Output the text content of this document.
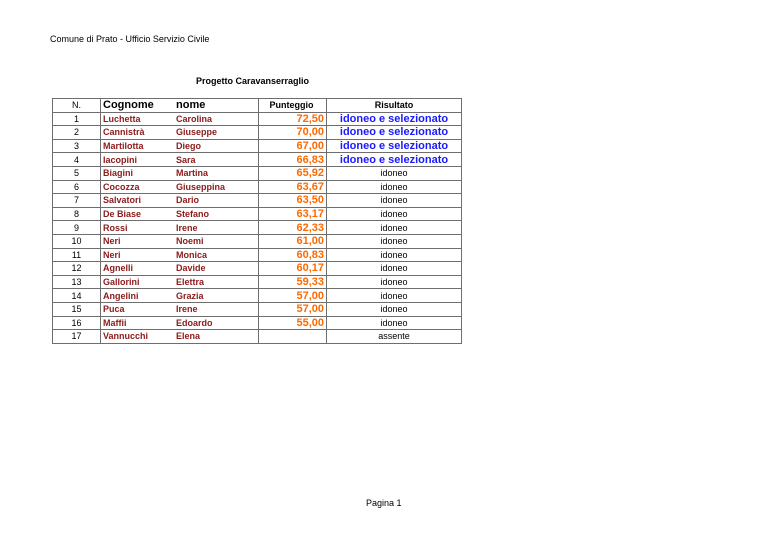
Comune di Prato - Ufficio Servizio Civile
Progetto Caravanserraglio
N.	Cognome	nome	Punteggio	Risultato
1	Luchetta	Carolina	72,50	idoneo e selezionato
2	Cannistrà	Giuseppe	70,00	idoneo e selezionato
3	Martilotta	Diego	67,00	idoneo e selezionato
4	Iacopini	Sara	66,83	idoneo e selezionato
5	Biagini	Martina	65,92	idoneo
6	Cocozza	Giuseppina	63,67	idoneo
7	Salvatori	Dario	63,50	idoneo
8	De Biase	Stefano	63,17	idoneo
9	Rossi	Irene	62,33	idoneo
10	Neri	Noemi	61,00	idoneo
11	Neri	Monica	60,83	idoneo
12	Agnelli	Davide	60,17	idoneo
13	Gallorini	Elettra	59,33	idoneo
14	Angelini	Grazia	57,00	idoneo
15	Puca	Irene	57,00	idoneo
16	Maffii	Edoardo	55,00	idoneo
17	Vannucchi	Elena		assente
Pagina 1
